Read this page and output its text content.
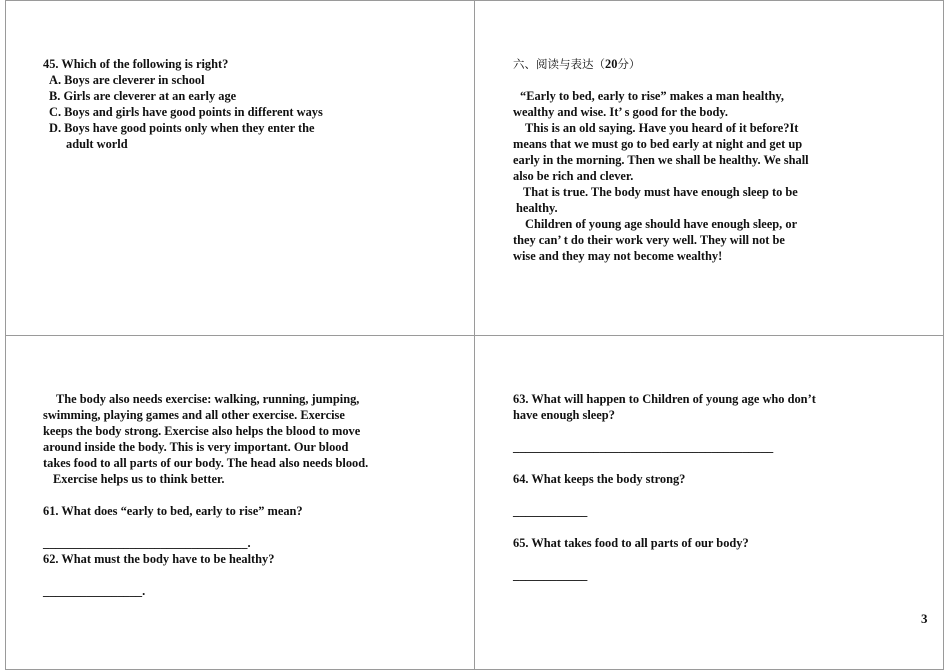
45. Which of the following is right?
A. Boys are cleverer in school
B. Girls are cleverer at an early age
C. Boys and girls have good points in different ways
D. Boys have good points only when they enter the
adult world
六、阅读与表达（20分）
“Early to bed, early to rise” makes a man healthy,
wealthy and wise. It’ s good for the body.
This is an old saying. Have you heard of it before?It
means that we must go to bed early at night and get up
early in the morning. Then we shall be healthy. We shall
also be rich and clever.
That is true. The body must have enough sleep to be
healthy.
Children of young age should have enough sleep, or
they can’ t do their work very well. They will not be
wise and they may not become wealthy!
The body also needs exercise: walking, running, jumping,
swimming, playing games and all other exercise. Exercise
keeps the body strong. Exercise also helps the blood to move
around inside the body. This is very important. Our blood
takes food to all parts of our body. The head also needs blood.
Exercise helps us to think better.
61. What does “early to bed, early to rise” mean?
_________________________________.
62. What must the body have to be healthy?
________________.
63. What will happen to Children of young age who don’t
have enough sleep?
__________________________________________
64. What keeps the body strong?
____________
65. What takes food to all parts of our body?
____________
3
